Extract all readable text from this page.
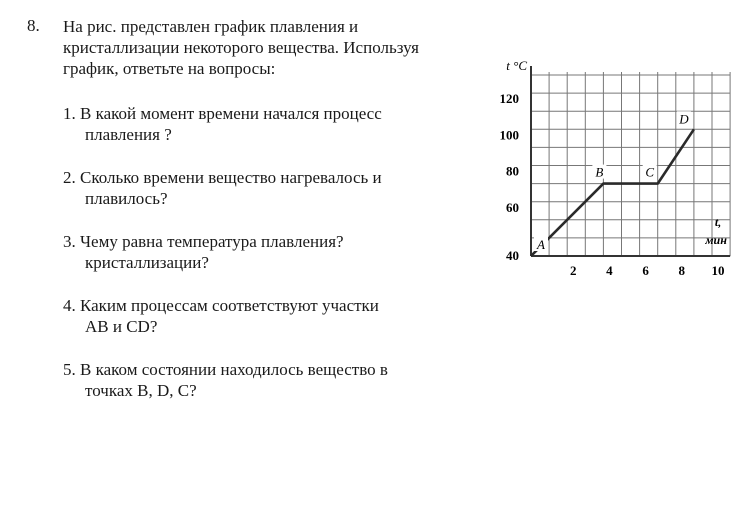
8. На рис. представлен график плавления и
кристаллизации некоторого вещества. Используя
график, ответьте на вопросы:
1. В какой момент времени начался процесс
плавления ?
2. Сколько времени вещество нагревалось и
плавилось?
3. Чему равна температура плавления?
кристаллизации?
4. Каким процессам соответствуют участки
АВ и СD?
5. В каком состоянии находилось вещество в
точках B, D, C?
t °C
t,
мин
40
60
80
100
120
2 4 6 8 10
A
B	C
D
